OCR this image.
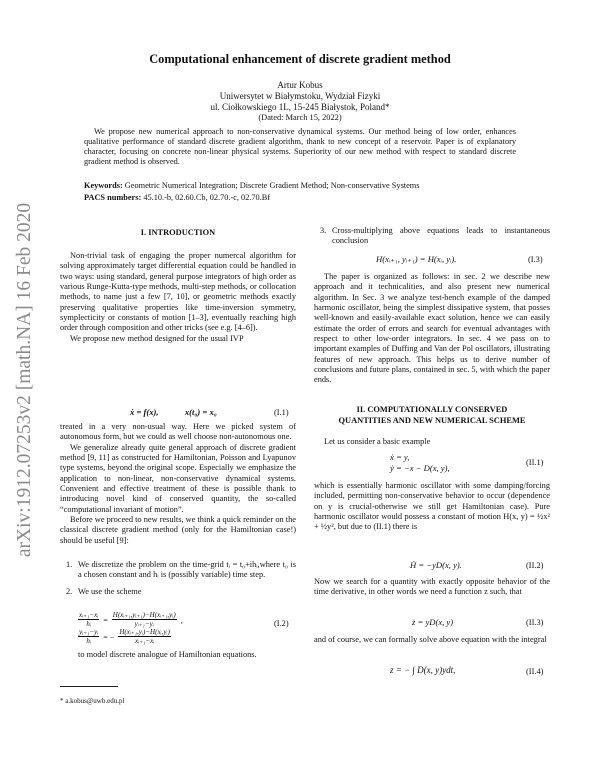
arXiv:1912.07253v2 [math.NA] 16 Feb 2020
Computational enhancement of discrete gradient method
Artur Kobus
Uniwersytet w Białymstoku, Wydział Fizyki
ul. Ciołkowskiego 1L, 15-245 Białystok, Poland*
(Dated: March 15, 2022)
We propose new numerical approach to non-conservative dynamical systems. Our method being of low order, enhances qualitative performance of standard discrete gradient algorithm, thank to new concept of a reservoir. Paper is of explanatory character, focusing on concrete non-linear physical systems. Superiority of our new method with respect to standard discrete gradient method is observed.
Keywords: Geometric Numerical Integration; Discrete Gradient Method; Non-conservative Systems
PACS numbers: 45.10.-b, 02.60.Cb, 02.70.-c, 02.70.Bf
I. INTRODUCTION

Non-trivial task of engaging the proper numercal algorithm for solving approximately target differential equation could be handled in two ways: using standard, general purpose integrators of high order as various Runge-Kutta-type methods, multi-step methods, or collocation methods, to name just a few [7, 10], or geometric methods exactly preserving qualitative properties like time-inversion symmetry, symplecticity or constants of motion [1–3], eventually reaching high order through composition and other tricks (see e.g. [4–6]).

We propose new method designed for the usual IVP

ẋ = f(x),	x(t₀) = x₀	(I.1)

treated in a very non-usual way. Here we picked system of autonomous form, but we could as well choose non-autonomous one.

We generalize already quite general approach of discrete gradient method [9, 11] as constructed for Hamiltonian, Poisson and Lyapunov type systems, beyond the original scope. Especially we emphasize the application to non-linear, non-conservative dynamical systems. Convenient and effective treatment of these is possible thank to introducing novel kind of conserved quantity, the so-called “computational invariant of motion”.

Before we proceed to new results, we think a quick reminder on the classical discrete gradient method (only for the Hamiltonian case!) should be useful [9]:

1. We discretize the problem on the time-grid tᵢ = t₀+ihᵢ,where t₀ is a chosen constant and hᵢ is (possibly variable) time step.
2. We use the scheme
$\frac{\text{xᵢ₊₁−xᵢ}}{\text{hᵢ}} = \frac{\text{H(xᵢ₊₁,yᵢ₊₁)−H(xᵢ₊₁,yᵢ)}}{\text{yᵢ₊₁−yᵢ}}$ ,
$\frac{\text{yᵢ₊₁−yᵢ}}{\text{hᵢ}}$ = − $\frac{\text{H(xᵢ₊₁,yᵢ)−H(xᵢ,yᵢ)}}{\text{xᵢ₊₁−xᵢ}}$
(I.2)
to model discrete analogue of Hamiltonian equations.
* a.kobus@uwb.edu.pl
3. Cross-multiplying above equations leads to instantaneous conclusion
H(xᵢ₊₁, yᵢ₊₁) = H(xᵢ, yᵢ).	(I.3)

The paper is organized as follows: in sec. 2 we describe new approach and it technicalities, and also present new numerical algorithm. In Sec. 3 we analyze test-bench example of the damped harmonic oscillator, being the simplest dissipative system, that posses well-known and easily-available exact solution, hence we can easily estimate the order of errors and search for eventual advantages with respect to other low-order integrators. In sec. 4 we pass on to important examples of Duffing and Van der Pol oscillators, illustrating features of new approach. This helps us to derive number of conclusions and future plans, contained in sec. 5, with which the paper ends.

II. COMPUTATIONALLY CONSERVED
QUANTITIES AND NEW NUMERICAL SCHEME

Let us consider a basic example

ẋ = y,
ẏ = −x − D(x, y),
(II.1)

which is essentially harmonic oscillator with some damping/forcing included, permitting non-conservative behavior to occur (dependence on y is crucial-otherwise we still get Hamiltonian case). Pure harmonic oscillator would possess a constant of motion H(x, y) = ½x² + ½y², but due to (II.1) there is

Ḣ = −yD(x, y).	(II.2)

Now we search for a quantity with exactly opposite behavior of the time derivative, in other words we need a function z such, that

ż = yD(x, y)	(II.3)

and of course, we can formally solve above equation with the integral

z = − ∫ D(x, y)ydt,	(II.4)
